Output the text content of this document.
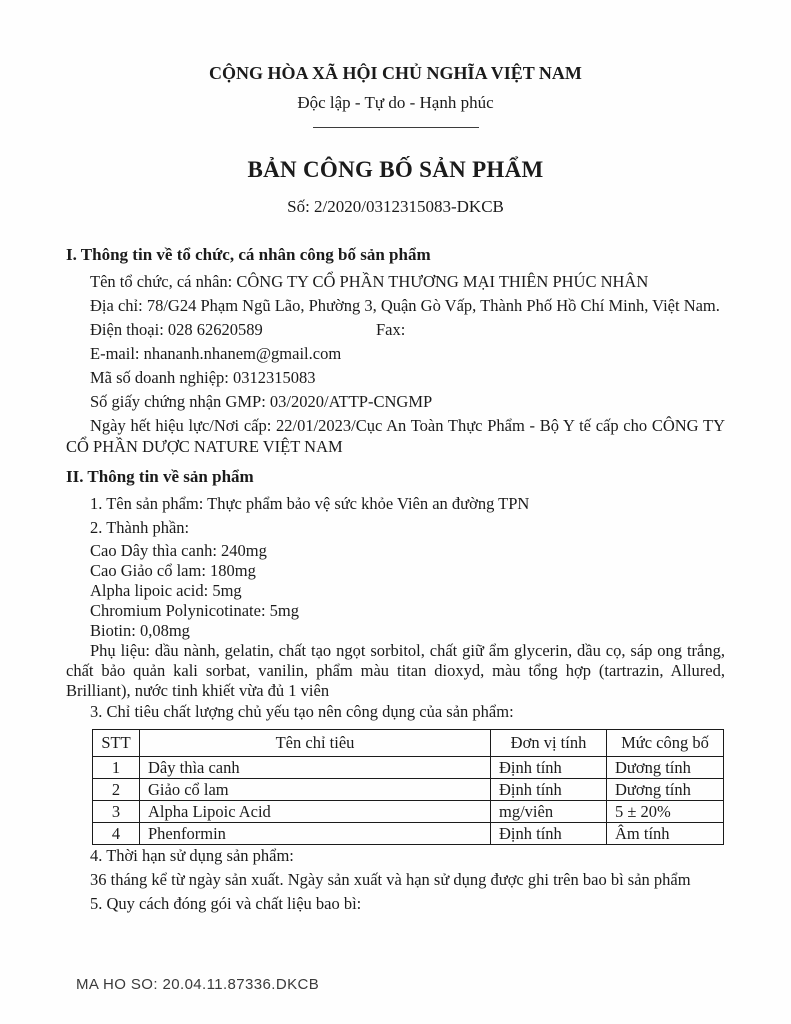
CỘNG HÒA XÃ HỘI CHỦ NGHĨA VIỆT NAM
Độc lập - Tự do - Hạnh phúc
BẢN CÔNG BỐ SẢN PHẨM
Số: 2/2020/0312315083-DKCB
I. Thông tin về tổ chức, cá nhân công bố sản phẩm

Tên tổ chức, cá nhân: CÔNG TY CỔ PHẦN THƯƠNG MẠI THIÊN PHÚC NHÂN

Địa chỉ: 78/G24 Phạm Ngũ Lão, Phường 3, Quận Gò Vấp, Thành Phố Hồ Chí Minh, Việt Nam.

Điện thoại: 028 62620589	Fax:

E-mail: nhananh.nhanem@gmail.com

Mã số doanh nghiệp: 0312315083

Số giấy chứng nhận GMP: 03/2020/ATTP-CNGMP

Ngày hết hiệu lực/Nơi cấp: 22/01/2023/Cục An Toàn Thực Phẩm - Bộ Y tế cấp cho CÔNG TY CỔ PHẦN DƯỢC NATURE VIỆT NAM

II. Thông tin về sản phẩm

1. Tên sản phẩm: Thực phẩm bảo vệ sức khỏe Viên an đường TPN

2. Thành phần:

Cao Dây thìa canh: 240mg
Cao Giảo cổ lam: 180mg
Alpha lipoic acid: 5mg
Chromium Polynicotinate: 5mg
Biotin: 0,08mg

Phụ liệu: dầu nành, gelatin, chất tạo ngọt sorbitol, chất giữ ẩm glycerin, dầu cọ, sáp ong trắng, chất bảo quản kali sorbat, vanilin, phẩm màu titan dioxyd, màu tổng hợp (tartrazin, Allured, Brilliant), nước tinh khiết vừa đủ 1 viên

3. Chỉ tiêu chất lượng chủ yếu tạo nên công dụng của sản phẩm:

STT	Tên chỉ tiêu	Đơn vị tính	Mức công bố
1	Dây thìa canh	Định tính	Dương tính
2	Giảo cổ lam	Định tính	Dương tính
3	Alpha Lipoic Acid	mg/viên	5 ± 20%
4	Phenformin	Định tính	Âm tính

4. Thời hạn sử dụng sản phẩm:

36 tháng kể từ ngày sản xuất. Ngày sản xuất và hạn sử dụng được ghi trên bao bì sản phẩm

5. Quy cách đóng gói và chất liệu bao bì:

MA HO SO: 20.04.11.87336.DKCB
